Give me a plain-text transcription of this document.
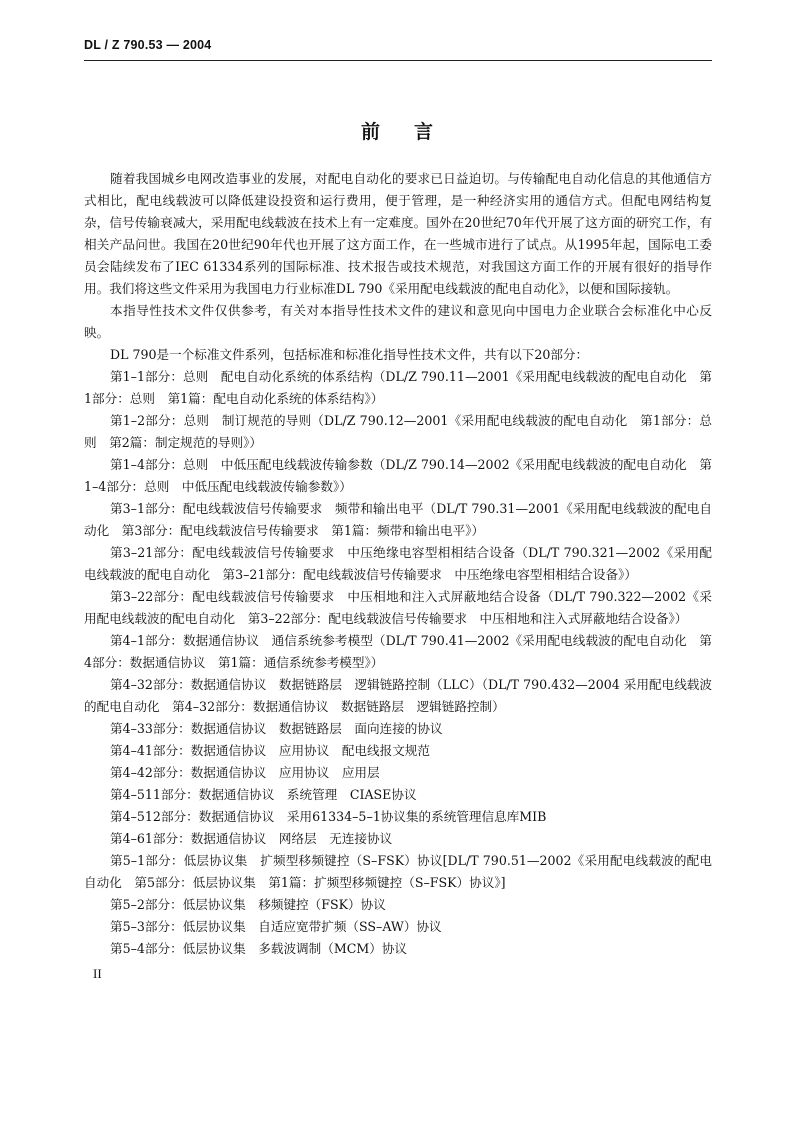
DL / Z 790.53 — 2004
前言

随着我国城乡电网改造事业的发展，对配电自动化的要求已日益迫切。与传输配电自动化信息的其他通信方式相比，配电线载波可以降低建设投资和运行费用，便于管理，是一种经济实用的通信方式。但配电网结构复杂，信号传输衰减大，采用配电线载波在技术上有一定难度。国外在20世纪70年代开展了这方面的研究工作，有相关产品问世。我国在20世纪90年代也开展了这方面工作，在一些城市进行了试点。从1995年起，国际电工委员会陆续发布了IEC 61334系列的国际标准、技术报告或技术规范，对我国这方面工作的开展有很好的指导作用。我们将这些文件采用为我国电力行业标准DL 790《采用配电线载波的配电自动化》，以便和国际接轨。

本指导性技术文件仅供参考，有关对本指导性技术文件的建议和意见向中国电力企业联合会标准化中心反映。

DL 790是一个标准文件系列，包括标准和标准化指导性技术文件，共有以下20部分：

第1–1部分：总则　配电自动化系统的体系结构（DL/Z 790.11—2001《采用配电线载波的配电自动化　第1部分：总则　第1篇：配电自动化系统的体系结构》）

第1–2部分：总则　制订规范的导则（DL/Z 790.12—2001《采用配电线载波的配电自动化　第1部分：总则　第2篇：制定规范的导则》）

第1–4部分：总则　中低压配电线载波传输参数（DL/Z 790.14—2002《采用配电线载波的配电自动化　第1–4部分：总则　中低压配电线载波传输参数》）

第3–1部分：配电线载波信号传输要求　频带和输出电平（DL/T 790.31—2001《采用配电线载波的配电自动化　第3部分：配电线载波信号传输要求　第1篇：频带和输出电平》）

第3–21部分：配电线载波信号传输要求　中压绝缘电容型相相结合设备（DL/T 790.321—2002《采用配电线载波的配电自动化　第3–21部分：配电线载波信号传输要求　中压绝缘电容型相相结合设备》）

第3–22部分：配电线载波信号传输要求　中压相地和注入式屏蔽地结合设备（DL/T 790.322—2002《采用配电线载波的配电自动化　第3–22部分：配电线载波信号传输要求　中压相地和注入式屏蔽地结合设备》）

第4–1部分：数据通信协议　通信系统参考模型（DL/T 790.41—2002《采用配电线载波的配电自动化　第4部分：数据通信协议　第1篇：通信系统参考模型》）

第4–32部分：数据通信协议　数据链路层　逻辑链路控制（LLC）（DL/T 790.432—2004 采用配电线载波的配电自动化　第4–32部分：数据通信协议　数据链路层　逻辑链路控制）

第4–33部分：数据通信协议　数据链路层　面向连接的协议

第4–41部分：数据通信协议　应用协议　配电线报文规范

第4–42部分：数据通信协议　应用协议　应用层

第4–511部分：数据通信协议　系统管理　CIASE协议

第4–512部分：数据通信协议　采用61334–5–1协议集的系统管理信息库MIB

第4–61部分：数据通信协议　网络层　无连接协议

第5–1部分：低层协议集　扩频型移频键控（S–FSK）协议[DL/T 790.51—2002《采用配电线载波的配电自动化　第5部分：低层协议集　第1篇：扩频型移频键控（S–FSK）协议》]

第5–2部分：低层协议集　移频键控（FSK）协议

第5–3部分：低层协议集　自适应宽带扩频（SS–AW）协议

第5–4部分：低层协议集　多载波调制（MCM）协议

II
